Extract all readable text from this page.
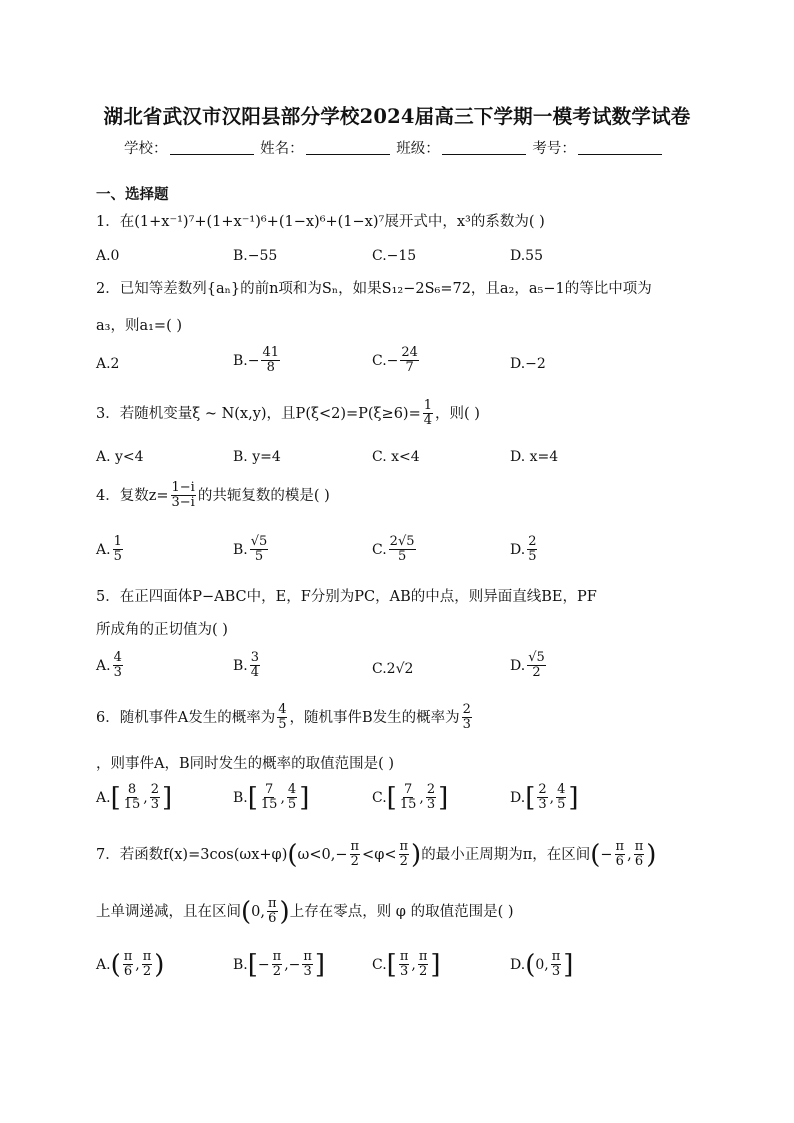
湖北省武汉市汉阳县部分学校2024届高三下学期一模考试数学试卷
学校：	姓名：	班级：	考号：
一、选择题
1．在(1+x⁻¹)⁷+(1+x⁻¹)⁶+(1−x)⁶+(1−x)⁷展开式中，x³的系数为( )
A.0	B.−55	C.−15	D.55
2．已知等差数列{aₙ}的前n项和为Sₙ，如果S₁₂−2S₆=72，且a₂，a₅−1的等比中项为
a₃，则a₁=( )
A.2	$B.- \frac{41}{8}$	$C.- \frac{24}{7}$	D.−2
3．若随机变量ξ ~ N(x,y)，且$P(\xi<2)=P(\xi\ge 6)= \frac{1}{4}$ ，则( )
A. y<4	B. y=4	C. x<4	D. x=4
4．复数$z= \frac{1-i}{3-i}$ 的共轭复数的模是( )
A. $\frac{1}{5}$	B. $\frac{√5}{5}$	C. $\frac{2√5}{5}$	D. $\frac{2}{5}$
5．在正四面体P−ABC中，E，F分别为PC，AB的中点，则异面直线BE，PF
所成角的正切值为( )
A. $\frac{4}{3}$	B. $\frac{3}{4}$	C.2√2	D. $\frac{√5}{2}$
6．随机事件A发生的概率为 $\frac{4}{5}$ ，随机事件B发生的概率为 $\frac{2}{3}$
，则事件A，B同时发生的概率的取值范围是( )
$A.[ \frac{8}{15}$ , $\frac{2}{3}$ ]	$B.[ \frac{7}{15}$ , $\frac{4}{5}$ ]	$C.[ \frac{7}{15}$ , $\frac{2}{3}$ ]	$D.[ \frac{2}{3}$ , $\frac{4}{5}$ ]
7．若函数$f(x)=3\cos(\omega x+\varphi)(\omega<0,- \frac{\pi}{2} <\varphi< \frac{\pi}{2}$ )的最小正周期为π，在区间(− $\frac{\pi}{6}$ , $\frac{\pi}{6}$ )
上单调递减，且在区间(0, $\frac{\pi}{6}$ )上存在零点，则 φ 的取值范围是( )
$A.( \frac{\pi}{6}$ , $\frac{\pi}{2}$ )	$B.[- \frac{\pi}{2}$ ,− $\frac{\pi}{3}$ ]	$C.[ \frac{\pi}{3}$ , $\frac{\pi}{2}$ ]	D.(0, $\frac{\pi}{3}$ ]
